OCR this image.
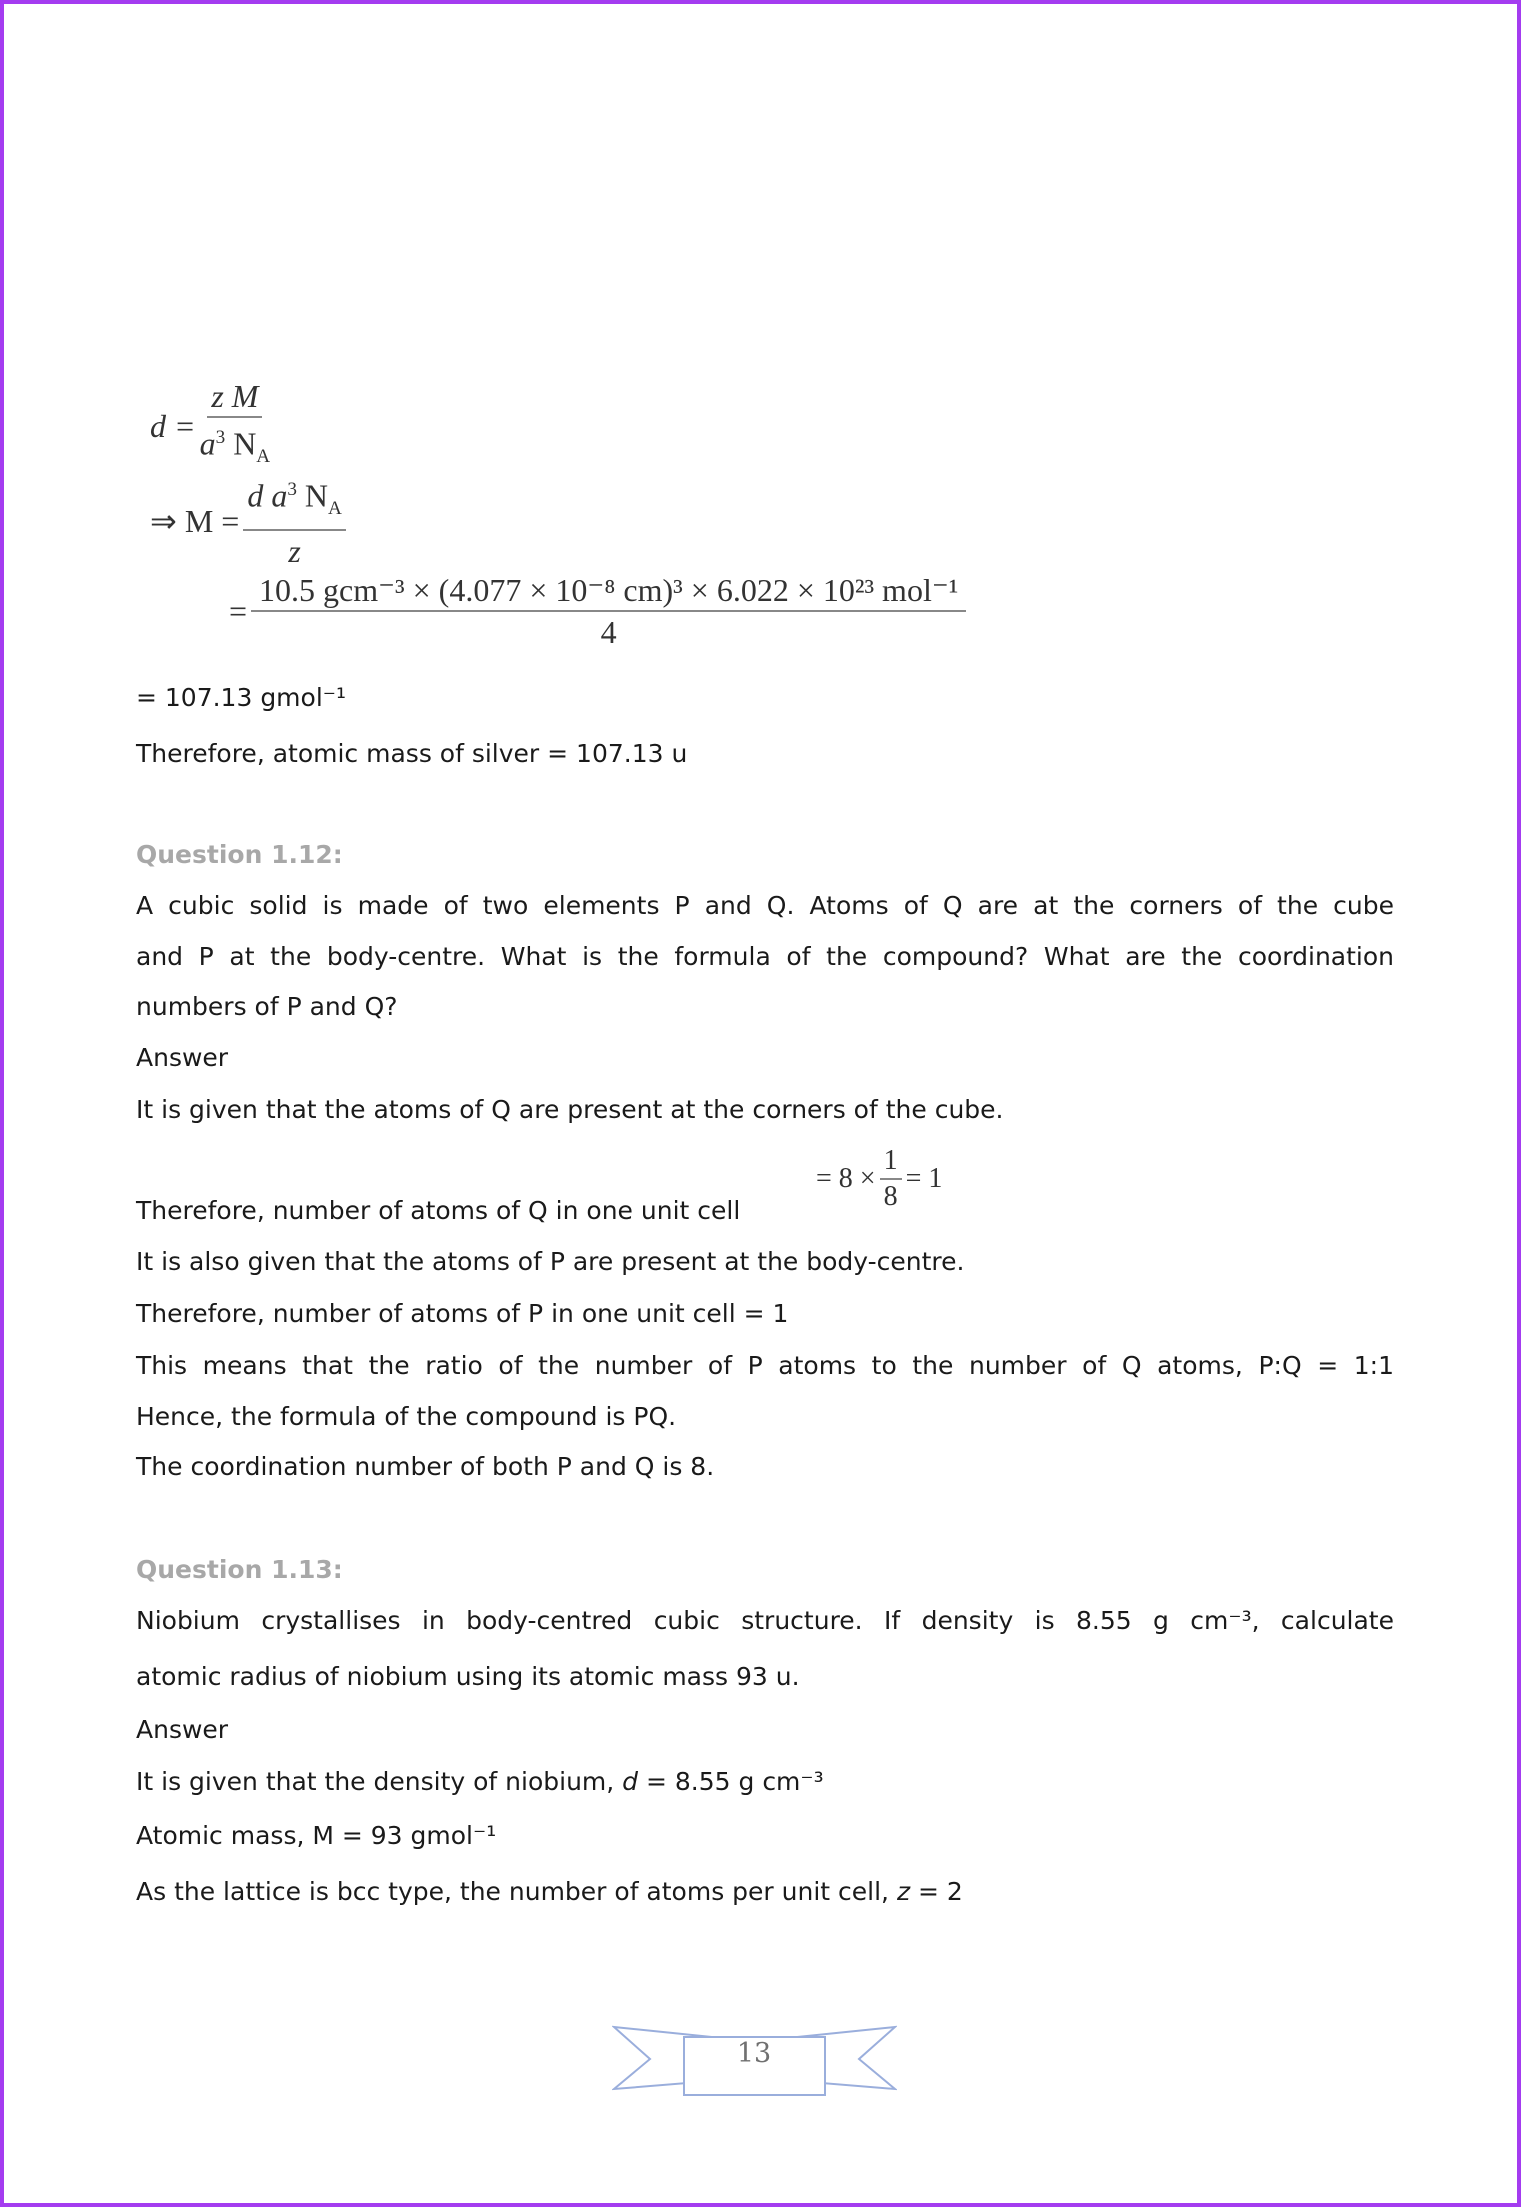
$d = \frac{\text{z M}}{a^3 N_A}$
⇒ $M = \frac{d a^3 N_A}{z}$
= $\frac{\text{10.5 gcm⁻³ × (4.077 × 10⁻⁸ cm)³ × 6.022 × 10²³ mol⁻¹}}{4}$
= 107.13 gmol⁻¹
Therefore, atomic mass of silver = 107.13 u
Question 1.12:
A cubic solid is made of two elements P and Q. Atoms of Q are at the corners of the cube
and P at the body-centre. What is the formula of the compound? What are the coordination
numbers of P and Q?
Answer
It is given that the atoms of Q are present at the corners of the cube.
Therefore, number of atoms of Q in one unit cell
= $8 \times \frac{1}{8} = 1$
It is also given that the atoms of P are present at the body-centre.
Therefore, number of atoms of P in one unit cell = 1
This means that the ratio of the number of P atoms to the number of Q atoms, P:Q = 1:1
Hence, the formula of the compound is PQ.
The coordination number of both P and Q is 8.
Question 1.13:
Niobium crystallises in body-centred cubic structure. If density is 8.55 g cm⁻³, calculate
atomic radius of niobium using its atomic mass 93 u.
Answer
It is given that the density of niobium, d = 8.55 g cm⁻³
Atomic mass, M = 93 gmol⁻¹
As the lattice is bcc type, the number of atoms per unit cell, z = 2
13
